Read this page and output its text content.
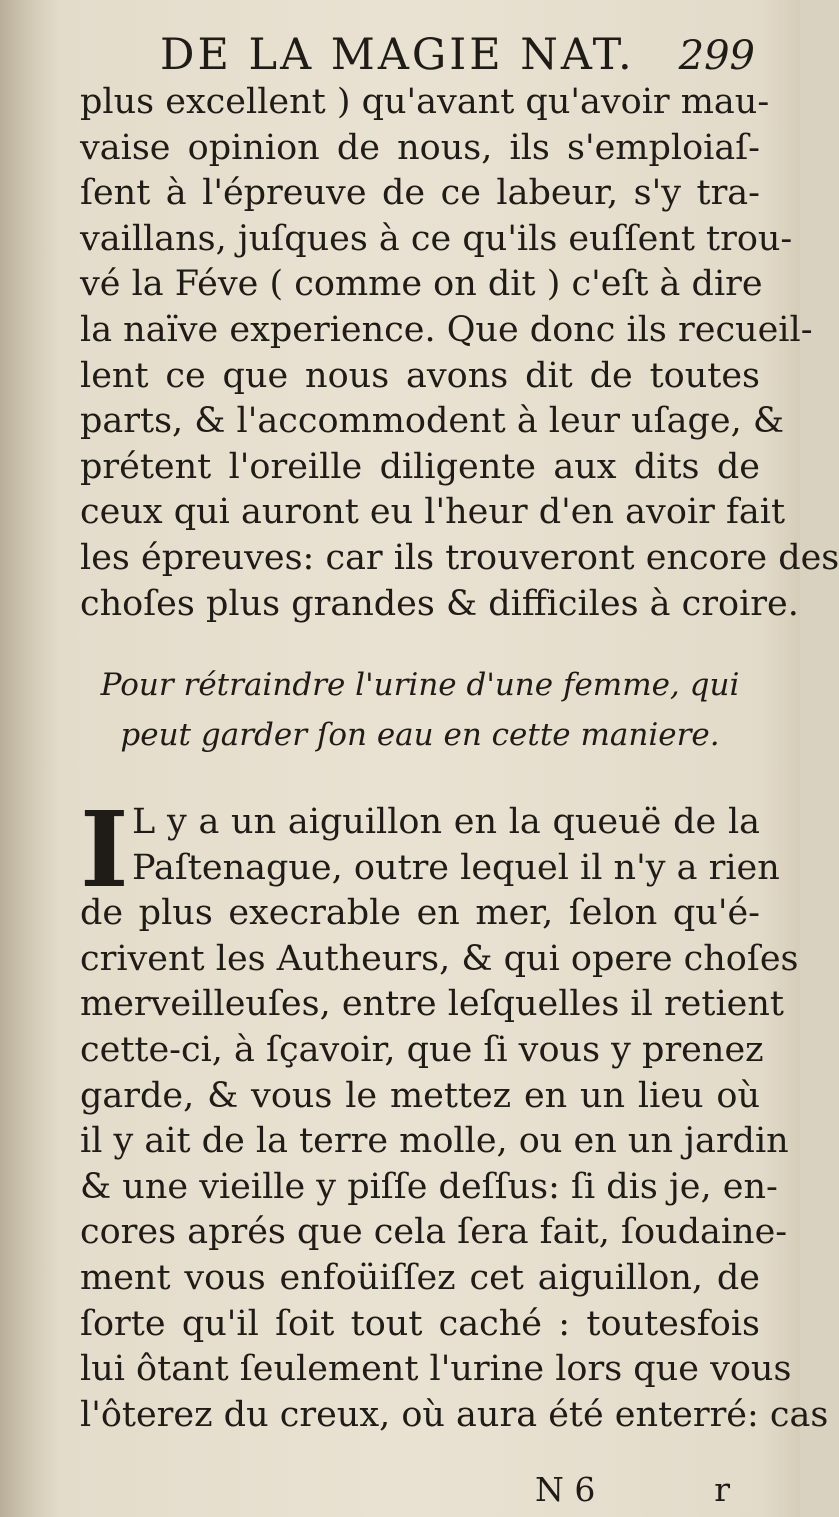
DE LA MAGIE NAT. 299
plus excellent ) qu'avant qu'avoir mau-
vaise opinion de nous, ils s'emploiaſ-
ſent à l'épreuve de ce labeur, s'y tra-
vaillans, juſques à ce qu'ils euſſent trou-
vé la Féve ( comme on dit ) c'eſt à dire
la naïve experience. Que donc ils recueil-
lent ce que nous avons dit de toutes
parts, & l'accommodent à leur uſage, &
prétent l'oreille diligente aux dits de
ceux qui auront eu l'heur d'en avoir fait
les épreuves: car ils trouveront encore des
choſes plus grandes & difficiles à croire.
Pour rétraindre l'urine d'une femme, qui
peut garder ſon eau en cette maniere.
I L y a un aiguillon en la queuë de la
Paſtenague, outre lequel il n'y a rien
de plus execrable en mer, ſelon qu'é-
crivent les Autheurs, & qui opere choſes
merveilleuſes, entre leſquelles il retient
cette-ci, à ſçavoir, que ſi vous y prenez
garde, & vous le mettez en un lieu où
il y ait de la terre molle, ou en un jardin
& une vieille y piſſe deſſus: ſi dis je, en-
cores aprés que cela ſera fait, ſoudaine-
ment vous enfoüiſſez cet aiguillon, de
ſorte qu'il ſoit tout caché : toutesfois
lui ôtant ſeulement l'urine lors que vous
l'ôterez du creux, où aura été enterré: cas
N 6	r
